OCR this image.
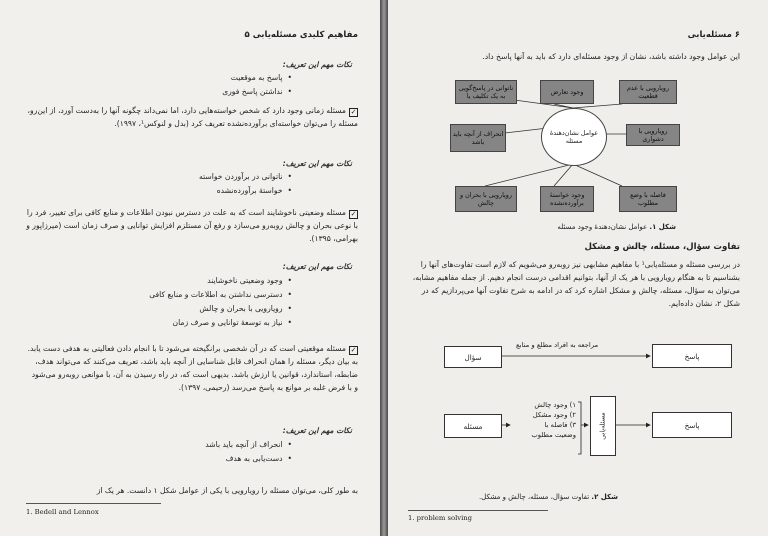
مفاهیم کلیدی مسئله‌یابی ۵
نکات مهم این تعریف:
• پاسخ به موقعیت
• نداشتن پاسخ فوری
✓مسئله زمانی وجود دارد که شخص خواسته‌هایی دارد، اما نمی‌داند چگونه آنها را به‌دست آورد، از این‌رو، مسئله را می‌توان خواسته‌ای برآورده‌نشده تعریف کرد (بدل و لنوکس¹، ۱۹۹۷).
نکات مهم این تعریف:
• ناتوانی در برآوردن خواسته
• خواستهٔ برآورده‌نشده
✓مسئله وضعیتی ناخوشایند است که به علت در دسترس نبودن اطلاعات و منابع کافی برای تغییر، فرد را با نوعی بحران و چالش روبه‌رو می‌سازد و رفع آن مستلزم افزایش توانایی و صرف زمان است (میرزاپور و بهرامی، ۱۳۹۵).
نکات مهم این تعریف:
• وجود وضعیتی ناخوشایند
• دسترسی نداشتن به اطلاعات و منابع کافی
• رویارویی با بحران و چالش
• نیاز به توسعهٔ توانایی و صرف زمان
✓مسئله موقعیتی است که در آن شخصی برانگیخته می‌شود تا با انجام دادن فعالیتی به هدفی دست یابد. به بیان دیگر، مسئله را همان انحراف قابل شناسایی از آنچه باید باشد، تعریف می‌کنند که می‌تواند هدف، ضابطه، استاندارد، قوانین یا ارزش باشد. بدیهی است که، در راه رسیدن به آن، با موانعی روبه‌رو می‌شود و با فرض غلبه بر موانع به پاسخ می‌رسد (رحیمی، ۱۳۹۷).
نکات مهم این تعریف:
• انحراف از آنچه باید باشد
• دست‌یابی به هدف
به طور کلی، می‌توان مسئله را رویارویی با یکی از عوامل شکل ۱ دانست. هر یک از
1. Bedell and Lennox
۶ مسئله‌یابی
این عوامل وجود داشته باشد، نشان از وجود مسئله‌ای دارد که باید به آنها پاسخ داد.
رویارویی با عدم قطعیت
وجود تعارض
ناتوانی در پاسخ‌گویی به یک تکلیف یا
رویارویی با دشواری
انحراف از آنچه باید باشد
فاصله با وضع مطلوب
وجود خواستهٔ برآورده‌نشده
رویارویی با بحران و چالش
عوامل نشان‌دهندهٔ مسئله
شکل ۱. عوامل نشان‌دهندهٔ وجود مسئله
تفاوت سؤال، مسئله، چالش و مشکل
در بررسی مسئله و مسئله‌یابی¹ با مفاهیم مشابهی نیز روبه‌رو می‌شویم که لازم است تفاوت‌های آنها را بشناسیم تا به هنگام رویارویی با هر یک از آنها، بتوانیم اقدامی درست انجام دهیم. از جمله مفاهیم مشابه، می‌توان به سؤال، مسئله، چالش و مشکل اشاره کرد که در ادامه به شرح تفاوت آنها می‌پردازیم که در شکل ۲، نشان داده‌ایم.
مراجعه به افراد مطلع و منابع
سؤال	پاسخ
مسئله
۱) وجود چالش
۲) وجود مشکل
۳) فاصله با
وضعیت مطلوب	مسئله‌یابی	پاسخ
شکل ۲. تفاوت سؤال، مسئله، چالش و مشکل.
1. problem solving
